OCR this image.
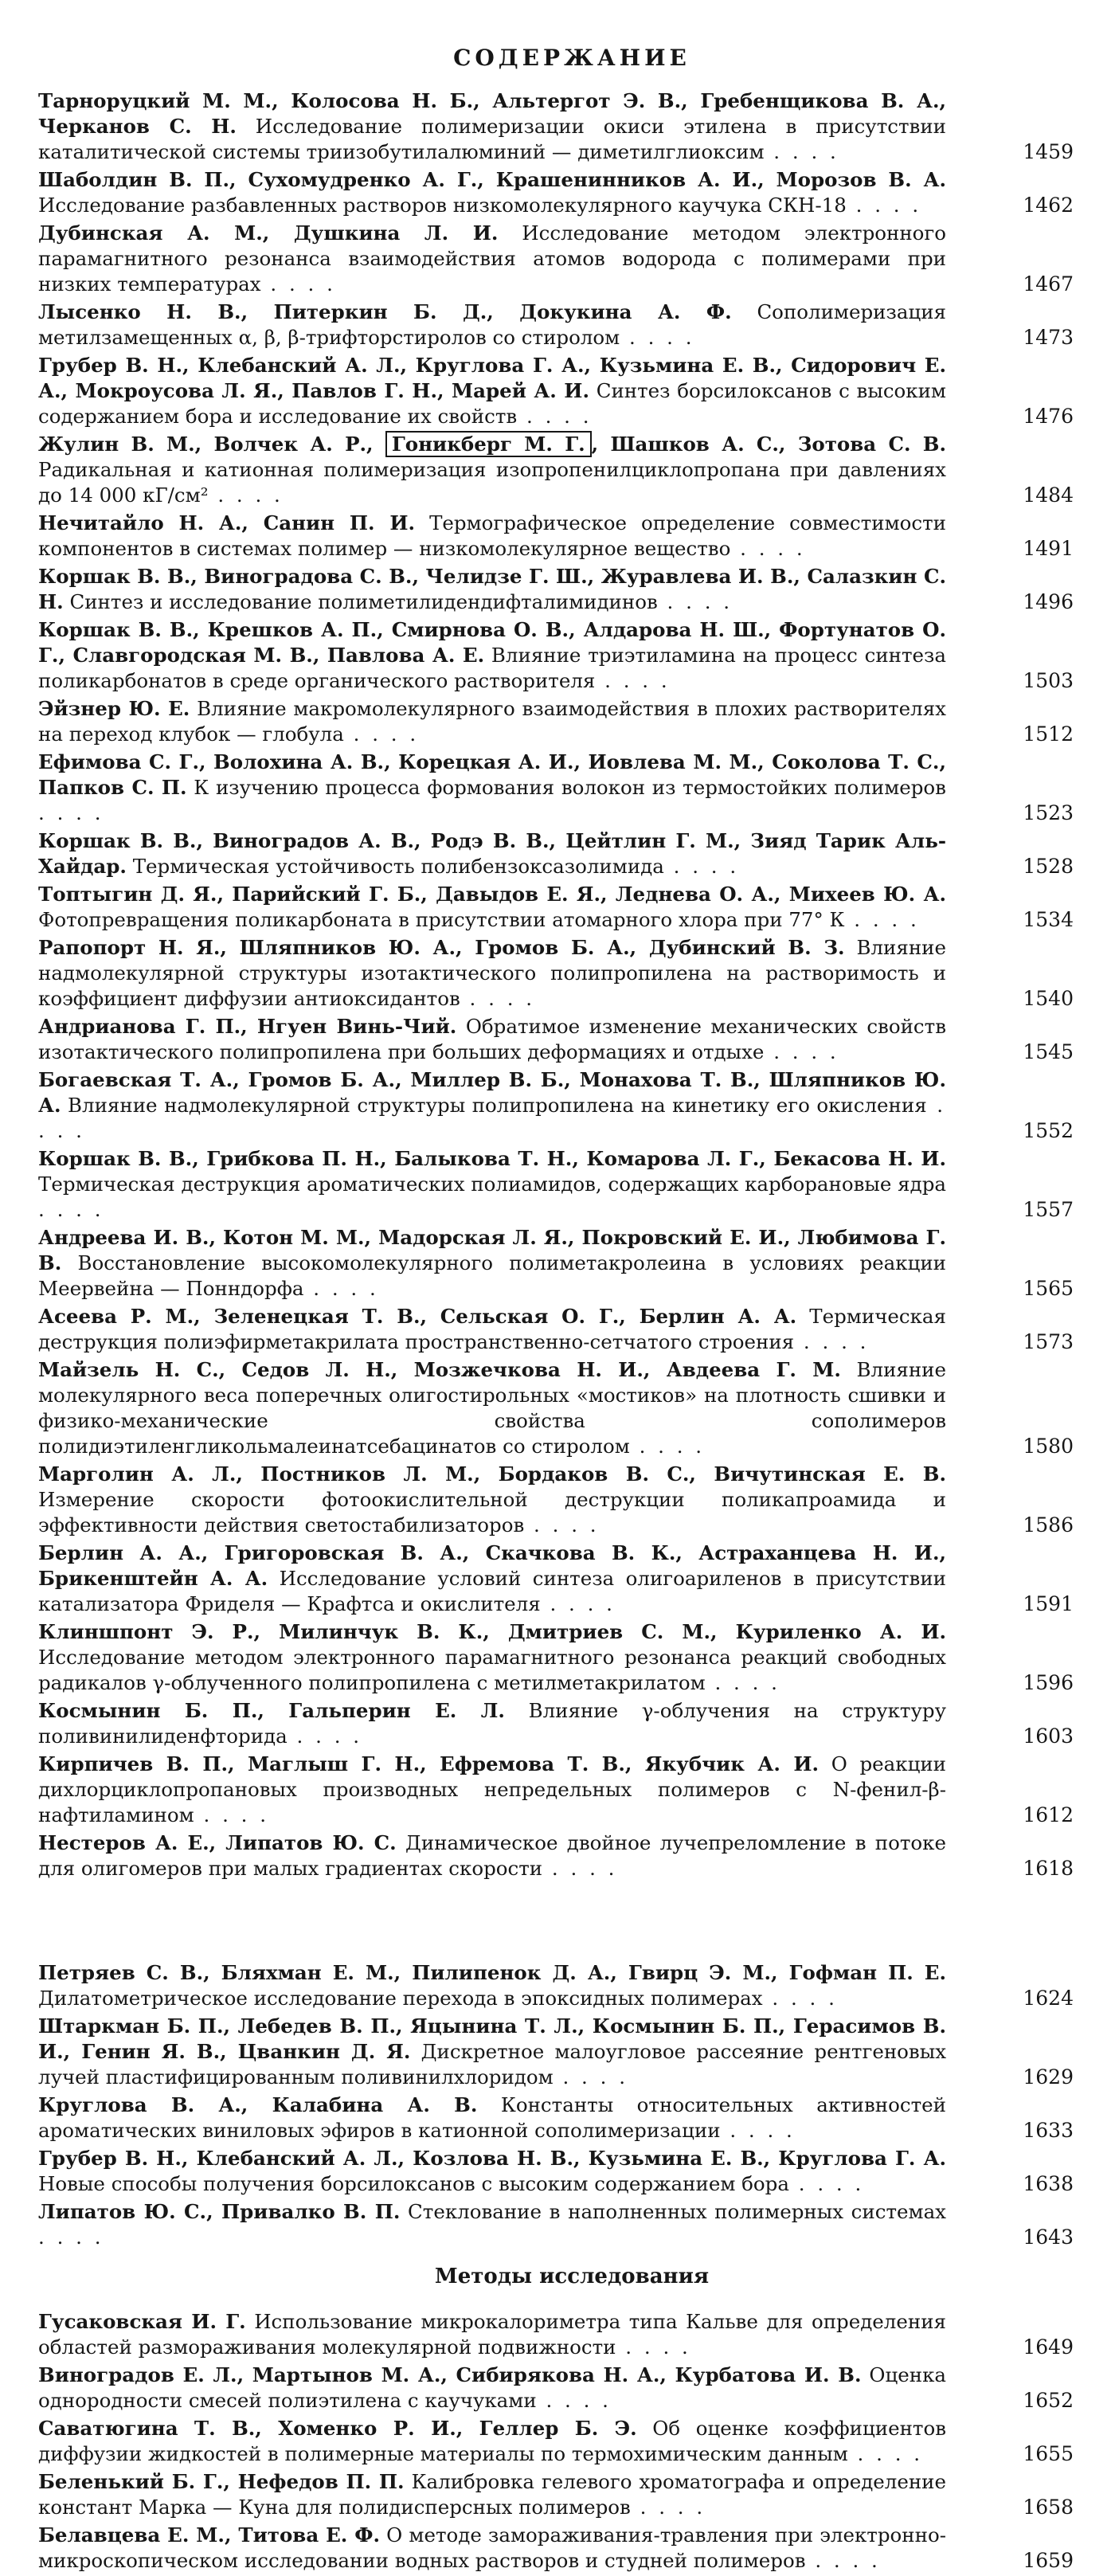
СОДЕРЖАНИЕ
Тарноруцкий М. М., Колосова Н. Б., Альтергот Э. В., Гребенщикова В. А., Черканов С. Н. Исследование полимеризации окиси этилена в присутствии каталитической системы триизобутилалюминий — диметилглиоксим . . . .	1459
Шаболдин В. П., Сухомудренко А. Г., Крашенинников А. И., Морозов В. А. Исследование разбавленных растворов низкомолекулярного каучука СКН-18 . . . .	1462
Дубинская А. М., Душкина Л. И. Исследование методом электронного парамагнитного резонанса взаимодействия атомов водорода с полимерами при низких температурах . . . .	1467
Лысенко Н. В., Питеркин Б. Д., Докукина А. Ф. Сополимеризация метилзамещенных α, β, β-трифторстиролов со стиролом . . . .	1473
Грубер В. Н., Клебанский А. Л., Круглова Г. А., Кузьмина Е. В., Сидорович Е. А., Мокроусова Л. Я., Павлов Г. Н., Марей А. И. Синтез борсилоксанов с высоким содержанием бора и исследование их свойств . . . .	1476
Жулин В. М., Волчек А. Р., Гоникберг М. Г. , Шашков А. С., Зотова С. В. Радикальная и катионная полимеризация изопропенилциклопропана при давлениях до 14 000 кГ/см² . . . .	1484
Нечитайло Н. А., Санин П. И. Термографическое определение совместимости компонентов в системах полимер — низкомолекулярное вещество . . . .	1491
Коршак В. В., Виноградова С. В., Челидзе Г. Ш., Журавлева И. В., Салазкин С. Н. Синтез и исследование полиметилидендифталимидинов . . . .	1496
Коршак В. В., Крешков А. П., Смирнова О. В., Алдарова Н. Ш., Фортунатов О. Г., Славгородская М. В., Павлова А. Е. Влияние триэтиламина на процесс синтеза поликарбонатов в среде органического растворителя . . . .	1503
Эйзнер Ю. Е. Влияние макромолекулярного взаимодействия в плохих растворителях на переход клубок — глобула . . . .	1512
Ефимова С. Г., Волохина А. В., Корецкая А. И., Иовлева М. М., Соколова Т. С., Папков С. П. К изучению процесса формования волокон из термостойких полимеров . . . .	1523
Коршак В. В., Виноградов А. В., Родэ В. В., Цейтлин Г. М., Зияд Тарик Аль-Хайдар. Термическая устойчивость полибензоксазолимида . . . .	1528
Топтыгин Д. Я., Парийский Г. Б., Давыдов Е. Я., Леднева О. А., Михеев Ю. А. Фотопревращения поликарбоната в присутствии атомарного хлора при 77° К . . . .	1534
Рапопорт Н. Я., Шляпников Ю. А., Громов Б. А., Дубинский В. З. Влияние надмолекулярной структуры изотактического полипропилена на растворимость и коэффициент диффузии антиоксидантов . . . .	1540
Андрианова Г. П., Нгуен Винь-Чий. Обратимое изменение механических свойств изотактического полипропилена при больших деформациях и отдыхе . . . .	1545
Богаевская Т. А., Громов Б. А., Миллер В. Б., Монахова Т. В., Шляпников Ю. А. Влияние надмолекулярной структуры полипропилена на кинетику его окисления . . . .	1552
Коршак В. В., Грибкова П. Н., Балыкова Т. Н., Комарова Л. Г., Бекасова Н. И. Термическая деструкция ароматических полиамидов, содержащих карборановые ядра . . . .	1557
Андреева И. В., Котон М. М., Мадорская Л. Я., Покровский Е. И., Любимова Г. В. Восстановление высокомолекулярного полиметакролеина в условиях реакции Меервейна — Понндорфа . . . .	1565
Асеева Р. М., Зеленецкая Т. В., Сельская О. Г., Берлин А. А. Термическая деструкция полиэфирметакрилата пространственно-сетчатого строения . . . .	1573
Майзель Н. С., Седов Л. Н., Мозжечкова Н. И., Авдеева Г. М. Влияние молекулярного веса поперечных олигостирольных «мостиков» на плотность сшивки и физико-механические свойства сополимеров полидиэтиленгликольмалеинатсебацинатов со стиролом . . . .	1580
Марголин А. Л., Постников Л. М., Бордаков В. С., Вичутинская Е. В. Измерение скорости фотоокислительной деструкции поликапроамида и эффективности действия светостабилизаторов . . . .	1586
Берлин А. А., Григоровская В. А., Скачкова В. К., Астраханцева Н. И., Брикенштейн А. А. Исследование условий синтеза олигоариленов в присутствии катализатора Фриделя — Крафтса и окислителя . . . .	1591
Клиншпонт Э. Р., Милинчук В. К., Дмитриев С. М., Куриленко А. И. Исследование методом электронного парамагнитного резонанса реакций свободных радикалов γ-облученного полипропилена с метилметакрилатом . . . .	1596
Космынин Б. П., Гальперин Е. Л. Влияние γ-облучения на структуру поливинилиденфторида . . . .	1603
Кирпичев В. П., Маглыш Г. Н., Ефремова Т. В., Якубчик А. И. О реакции дихлорциклопропановых производных непредельных полимеров с N-фенил-β-нафтиламином . . . .	1612
Нестеров А. Е., Липатов Ю. С. Динамическое двойное лучепреломление в потоке для олигомеров при малых градиентах скорости . . . .	1618
Петряев С. В., Бляхман Е. М., Пилипенок Д. А., Гвирц Э. М., Гофман П. Е. Дилатометрическое исследование перехода в эпоксидных полимерах . . . .	1624
Штаркман Б. П., Лебедев В. П., Яцынина Т. Л., Космынин Б. П., Герасимов В. И., Генин Я. В., Цванкин Д. Я. Дискретное малоугловое рассеяние рентгеновых лучей пластифицированным поливинилхлоридом . . . .	1629
Круглова В. А., Калабина А. В. Константы относительных активностей ароматических виниловых эфиров в катионной сополимеризации . . . .	1633
Грубер В. Н., Клебанский А. Л., Козлова Н. В., Кузьмина Е. В., Круглова Г. А. Новые способы получения борсилоксанов с высоким содержанием бора . . . .	1638
Липатов Ю. С., Привалко В. П. Стеклование в наполненных полимерных системах . . . .	1643
Методы исследования
Гусаковская И. Г. Использование микрокалориметра типа Кальве для определения областей размораживания молекулярной подвижности . . . .	1649
Виноградов Е. Л., Мартынов М. А., Сибирякова Н. А., Курбатова И. В. Оценка однородности смесей полиэтилена с каучуками . . . .	1652
Саватюгина Т. В., Хоменко Р. И., Геллер Б. Э. Об оценке коэффициентов диффузии жидкостей в полимерные материалы по термохимическим данным . . . .	1655
Беленький Б. Г., Нефедов П. П. Калибровка гелевого хроматографа и определение констант Марка — Куна для полидисперсных полимеров . . . .	1658
Белавцева Е. М., Титова Е. Ф. О методе замораживания-травления при электронно-микроскопическом исследовании водных растворов и студней полимеров . . . .	1659
